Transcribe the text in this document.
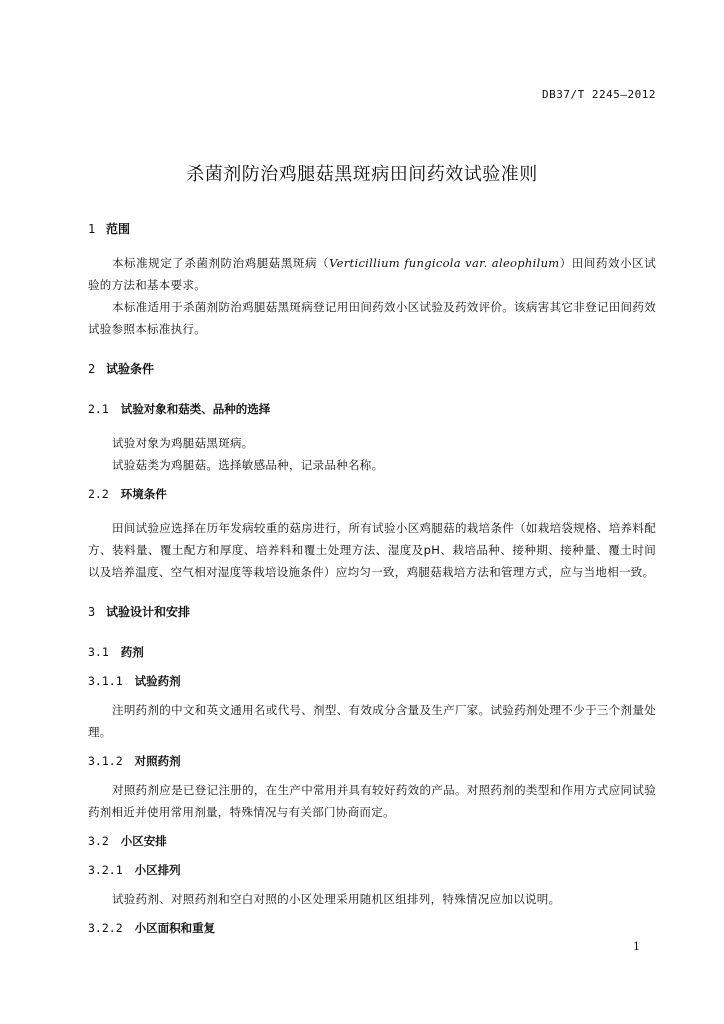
DB37/T 2245—2012
杀菌剂防治鸡腿菇黑斑病田间药效试验准则
1 范围

本标准规定了杀菌剂防治鸡腿菇黑斑病（Verticillium fungicola var. aleophilum）田间药效小区试验的方法和基本要求。

本标准适用于杀菌剂防治鸡腿菇黑斑病登记用田间药效小区试验及药效评价。该病害其它非登记田间药效试验参照本标准执行。

2 试验条件
2.1 试验对象和菇类、品种的选择

试验对象为鸡腿菇黑斑病。

试验菇类为鸡腿菇。选择敏感品种，记录品种名称。

2.2 环境条件

田间试验应选择在历年发病较重的菇房进行，所有试验小区鸡腿菇的栽培条件（如栽培袋规格、培养料配方、装料量、覆土配方和厚度、培养料和覆土处理方法、湿度及pH、栽培品种、接种期、接种量、覆土时间以及培养温度、空气相对湿度等栽培设施条件）应均匀一致，鸡腿菇栽培方法和管理方式，应与当地相一致。

3 试验设计和安排
3.1 药剂
3.1.1 试验药剂

注明药剂的中文和英文通用名或代号、剂型、有效成分含量及生产厂家。试验药剂处理不少于三个剂量处理。

3.1.2 对照药剂

对照药剂应是已登记注册的，在生产中常用并具有较好药效的产品。对照药剂的类型和作用方式应同试验药剂相近并使用常用剂量，特殊情况与有关部门协商而定。

3.2 小区安排
3.2.1 小区排列

试验药剂、对照药剂和空白对照的小区处理采用随机区组排列，特殊情况应加以说明。

3.2.2 小区面积和重复
1
